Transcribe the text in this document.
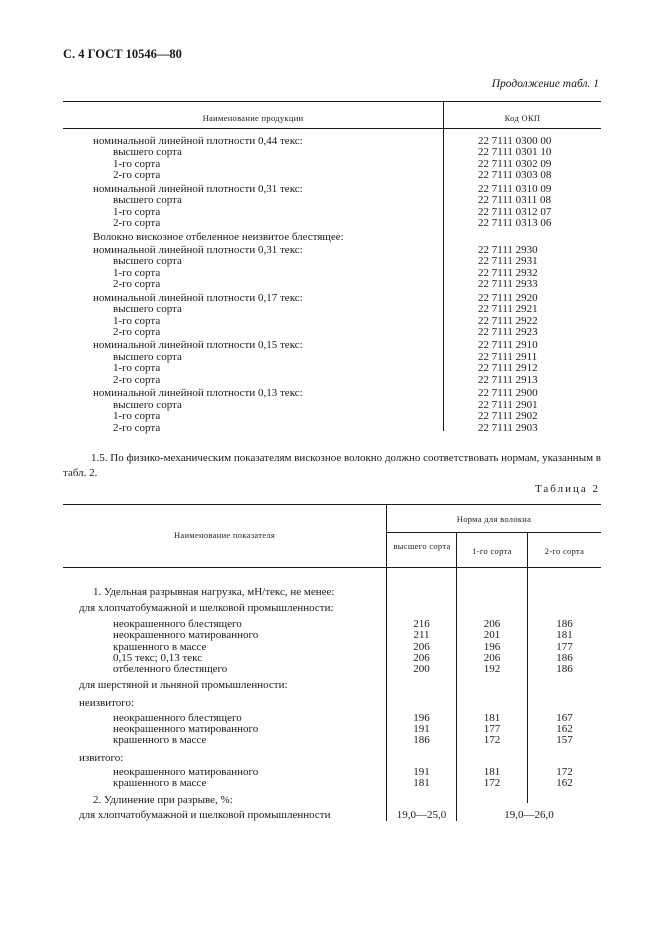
С. 4 ГОСТ 10546—80
Продолжение табл. 1
Наименование продукции	Код ОКП
номинальной линейной плотности 0,44 текс:	22 7111 0300 00
высшего сорта	22 7111 0301 10
1-го сорта	22 7111 0302 09
2-го сорта	22 7111 0303 08
номинальной линейной плотности 0,31 текс:	22 7111 0310 09
высшего сорта	22 7111 0311 08
1-го сорта	22 7111 0312 07
2-го сорта	22 7111 0313 06
Волокно вискозное отбеленное неизвитое блестящее:
номинальной линейной плотности 0,31 текс:	22 7111 2930
высшего сорта	22 7111 2931
1-го сорта	22 7111 2932
2-го сорта	22 7111 2933
номинальной линейной плотности 0,17 текс:	22 7111 2920
высшего сорта	22 7111 2921
1-го сорта	22 7111 2922
2-го сорта	22 7111 2923
номинальной линейной плотности 0,15 текс:	22 7111 2910
высшего сорта	22 7111 2911
1-го сорта	22 7111 2912
2-го сорта	22 7111 2913
номинальной линейной плотности 0,13 текс:	22 7111 2900
высшего сорта	22 7111 2901
1-го сорта	22 7111 2902
2-го сорта	22 7111 2903
1.5. По физико-механическим показателям вискозное волокно должно соответствовать нормам, указанным в табл. 2.
Таблица 2
Наименование показателя
Норма для волокна
высшего сорта	1-го сорта	2-го сорта
1. Удельная разрывная нагрузка, мН/текс, не менее:
для хлопчатобумажной и шелковой промышленности:
неокрашенного блестящего	216	206	186
неокрашенного матированного	211	201	181
крашенного в массе	206	196	177
0,15 текс; 0,13 текс	206	206	186
отбеленного блестящего	200	192	186
для шерстяной и льняной промышленности:
неизвитого:
неокрашенного блестящего	196	181	167
неокрашенного матированного	191	177	162
крашенного в массе	186	172	157
извитого:
неокрашенного матированного	191	181	172
крашенного в массе	181	172	162
2. Удлинение при разрыве, %:
для хлопчатобумажной и шелковой промышленности	19,0—25,0	19,0—26,0
